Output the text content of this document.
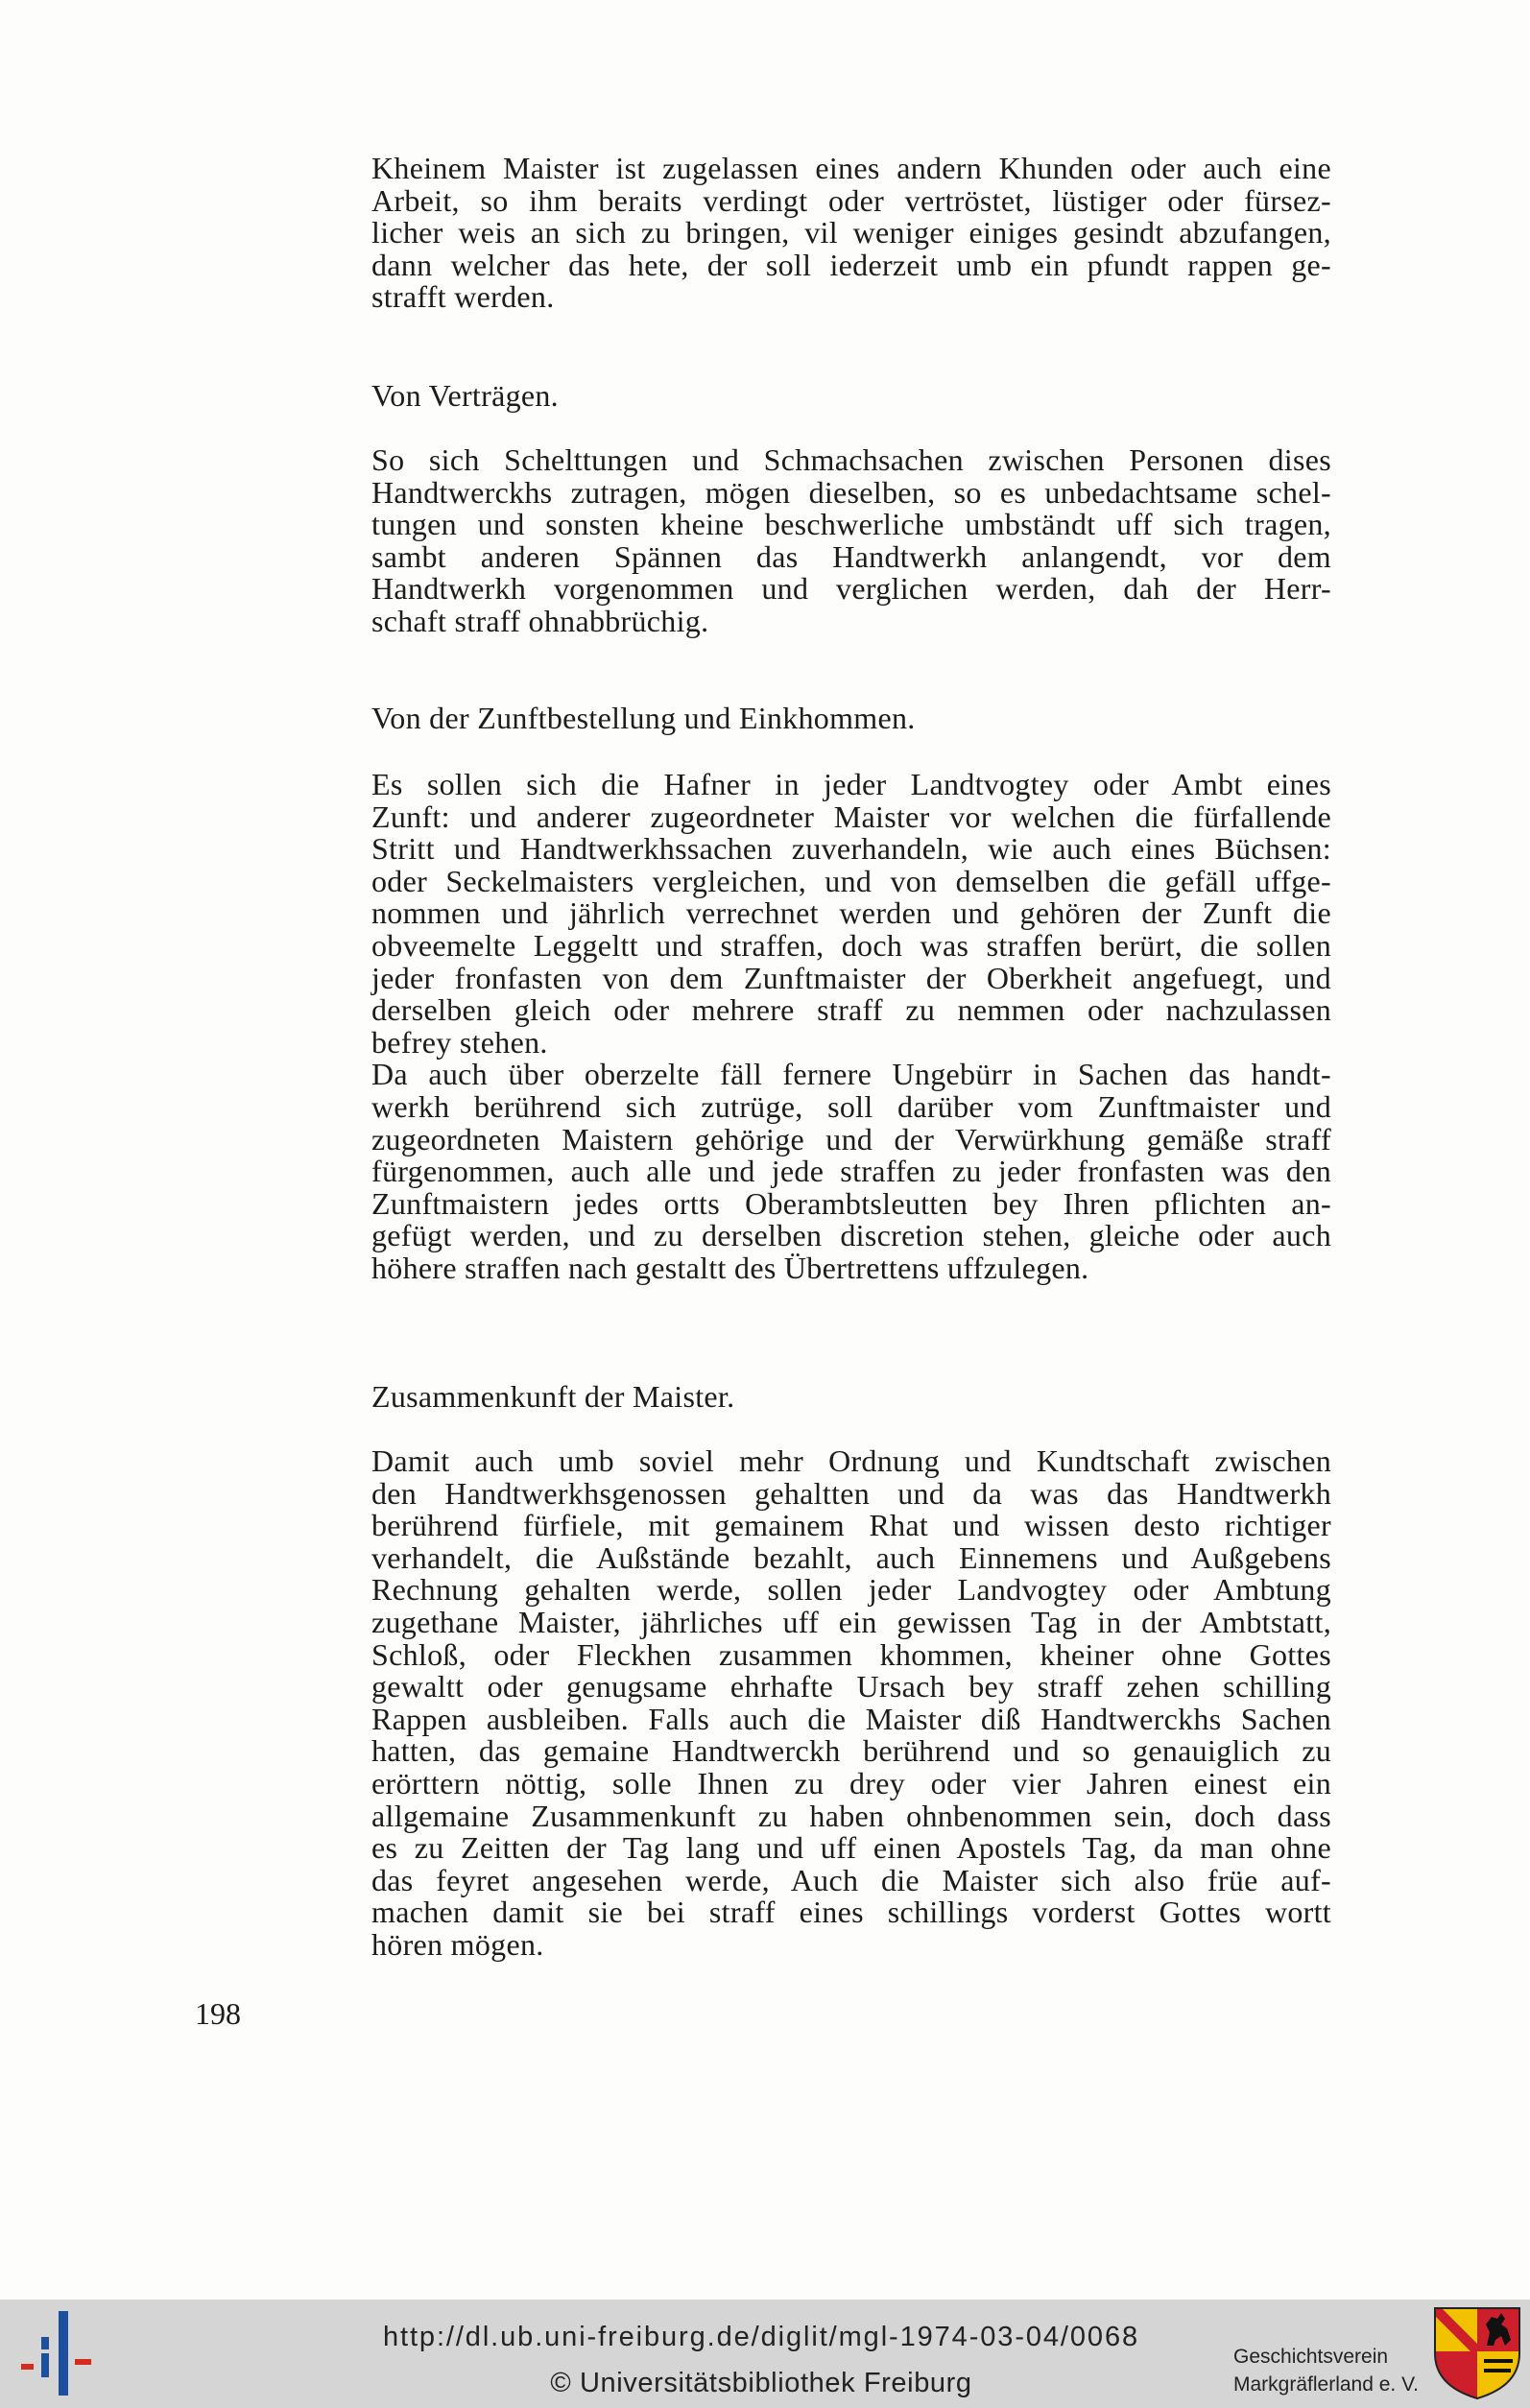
Kheinem Maister ist zugelassen eines andern Khunden oder auch eine
Arbeit, so ihm beraits verdingt oder vertröstet, lüstiger oder fürsez-
licher weis an sich zu bringen, vil weniger einiges gesindt abzufangen,
dann welcher das hete, der soll iederzeit umb ein pfundt rappen ge-
strafft werden.
Von Verträgen.
So sich Schelttungen und Schmachsachen zwischen Personen dises
Handtwerckhs zutragen, mögen dieselben, so es unbedachtsame schel-
tungen und sonsten kheine beschwerliche umbständt uff sich tragen,
sambt anderen Spännen das Handtwerkh anlangendt, vor dem
Handtwerkh vorgenommen und verglichen werden, dah der Herr-
schaft straff ohnabbrüchig.
Von der Zunftbestellung und Einkhommen.
Es sollen sich die Hafner in jeder Landtvogtey oder Ambt eines
Zunft: und anderer zugeordneter Maister vor welchen die fürfallende
Stritt und Handtwerkhssachen zuverhandeln, wie auch eines Büchsen:
oder Seckelmaisters vergleichen, und von demselben die gefäll uffge-
nommen und jährlich verrechnet werden und gehören der Zunft die
obveemelte Leggeltt und straffen, doch was straffen berürt, die sollen
jeder fronfasten von dem Zunftmaister der Oberkheit angefuegt, und
derselben gleich oder mehrere straff zu nemmen oder nachzulassen
befrey stehen.
Da auch über oberzelte fäll fernere Ungebürr in Sachen das handt-
werkh berührend sich zutrüge, soll darüber vom Zunftmaister und
zugeordneten Maistern gehörige und der Verwürkhung gemäße straff
fürgenommen, auch alle und jede straffen zu jeder fronfasten was den
Zunftmaistern jedes ortts Oberambtsleutten bey Ihren pflichten an-
gefügt werden, und zu derselben discretion stehen, gleiche oder auch
höhere straffen nach gestaltt des Übertrettens uffzulegen.
Zusammenkunft der Maister.
Damit auch umb soviel mehr Ordnung und Kundtschaft zwischen
den Handtwerkhsgenossen gehaltten und da was das Handtwerkh
berührend fürfiele, mit gemainem Rhat und wissen desto richtiger
verhandelt, die Außstände bezahlt, auch Einnemens und Außgebens
Rechnung gehalten werde, sollen jeder Landvogtey oder Ambtung
zugethane Maister, jährliches uff ein gewissen Tag in der Ambtstatt,
Schloß, oder Fleckhen zusammen khommen, kheiner ohne Gottes
gewaltt oder genugsame ehrhafte Ursach bey straff zehen schilling
Rappen ausbleiben. Falls auch die Maister diß Handtwerckhs Sachen
hatten, das gemaine Handtwerckh berührend und so genauiglich zu
erörttern nöttig, solle Ihnen zu drey oder vier Jahren einest ein
allgemaine Zusammenkunft zu haben ohnbenommen sein, doch dass
es zu Zeitten der Tag lang und uff einen Apostels Tag, da man ohne
das feyret angesehen werde, Auch die Maister sich also früe auf-
machen damit sie bei straff eines schillings vorderst Gottes wortt
hören mögen.
198
http://dl.ub.uni-freiburg.de/diglit/mgl-1974-03-04/0068
© Universitätsbibliothek Freiburg
Geschichtsverein
Markgräflerland e. V.
